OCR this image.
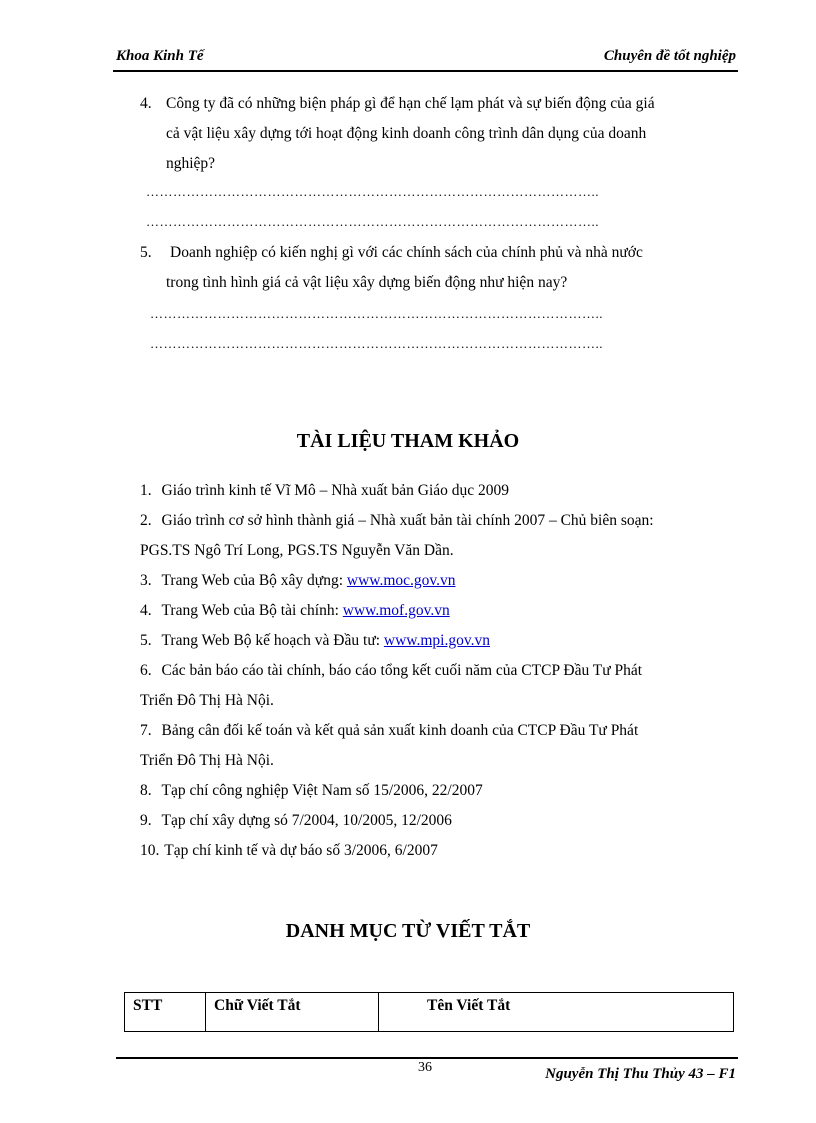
Khoa Kinh Tế	Chuyên đề tốt nghiệp
4. Công ty đã có những biện pháp gì để hạn chế lạm phát và sự biến động của giá
cả vật liệu xây dựng tới hoạt động kinh doanh công trình dân dụng của doanh
nghiệp?
………………………………………………………………………………………..
………………………………………………………………………………………..
5. Doanh nghiệp có kiến nghị gì với các chính sách của chính phủ và nhà nước
trong tình hình giá cả vật liệu xây dựng biến động như hiện nay?
………………………………………………………………………………………..
………………………………………………………………………………………..
TÀI LIỆU THAM KHẢO
1. Giáo trình kinh tế Vĩ Mô – Nhà xuất bản Giáo dục 2009
2. Giáo trình cơ sở hình thành giá – Nhà xuất bản tài chính 2007 – Chủ biên soạn:
PGS.TS Ngô Trí Long, PGS.TS Nguyễn Văn Dần.
3. Trang Web của Bộ xây dựng: www.moc.gov.vn
4. Trang Web của Bộ tài chính: www.mof.gov.vn
5. Trang Web Bộ kế hoạch và Đầu tư: www.mpi.gov.vn
6. Các bản báo cáo tài chính, báo cáo tổng kết cuối năm của CTCP Đầu Tư Phát
Triển Đô Thị Hà Nội.
7. Bảng cân đối kế toán và kết quả sản xuất kinh doanh của CTCP Đầu Tư Phát
Triển Đô Thị Hà Nội.
8. Tạp chí công nghiệp Việt Nam số 15/2006, 22/2007
9. Tạp chí xây dựng só 7/2004, 10/2005, 12/2006
10. Tạp chí kinh tế và dự báo số 3/2006, 6/2007
DANH MỤC TỪ VIẾT TẮT
STT	Chữ Viết Tắt	Tên Viết Tắt
36	Nguyễn Thị Thu Thủy 43 – F1
